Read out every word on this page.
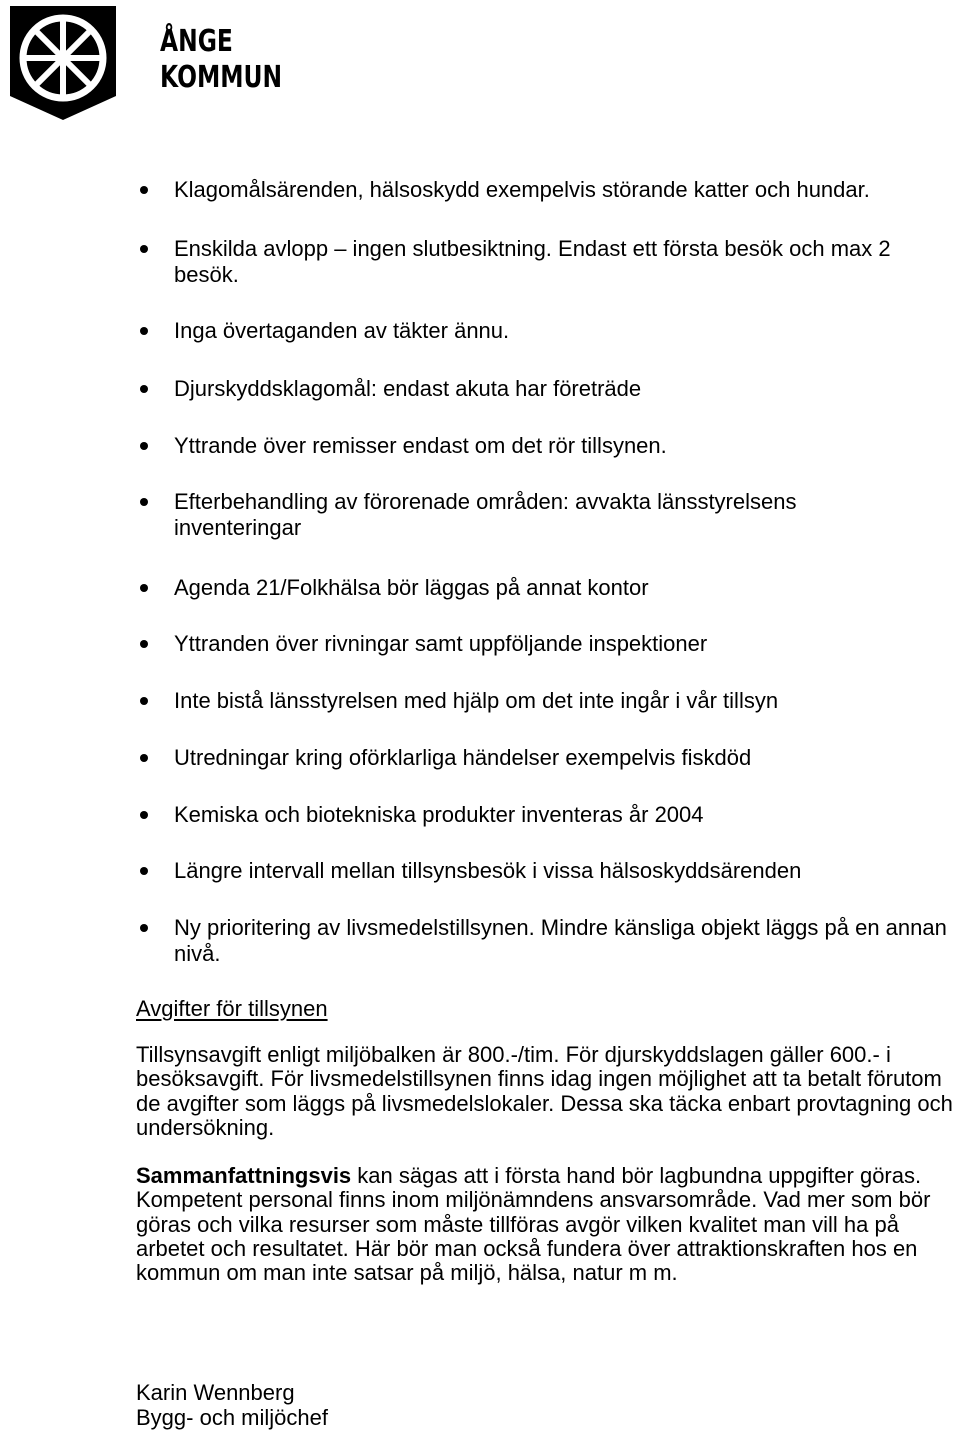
ÅNGE
KOMMUN
Klagomålsärenden, hälsoskydd exempelvis störande katter och hundar.
Enskilda avlopp – ingen slutbesiktning. Endast ett första besök och max 2 besök.
Inga övertaganden av täkter ännu.
Djurskyddsklagomål: endast akuta har företräde
Yttrande över remisser endast om det rör tillsynen.
Efterbehandling av förorenade områden: avvakta länsstyrelsens inventeringar
Agenda 21/Folkhälsa bör läggas på annat kontor
Yttranden över rivningar samt uppföljande inspektioner
Inte bistå länsstyrelsen med hjälp om det inte ingår i vår tillsyn
Utredningar kring oförklarliga händelser exempelvis fiskdöd
Kemiska och biotekniska produkter inventeras år 2004
Längre intervall mellan tillsynsbesök i vissa hälsoskyddsärenden
Ny prioritering av livsmedelstillsynen. Mindre känsliga objekt läggs på en annan nivå.
Avgifter för tillsynen

Tillsynsavgift enligt miljöbalken är 800.-/tim. För djurskyddslagen gäller 600.- i besöksavgift. För livsmedelstillsynen finns idag ingen möjlighet att ta betalt förutom de avgifter som läggs på livsmedelslokaler. Dessa ska täcka enbart provtagning och undersökning.

Sammanfattningsvis kan sägas att i första hand bör lagbundna uppgifter göras. Kompetent personal finns inom miljönämndens ansvarsområde. Vad mer som bör göras och vilka resurser som måste tillföras avgör vilken kvalitet man vill ha på arbetet och resultatet. Här bör man också fundera över attraktionskraften hos en kommun om man inte satsar på miljö, hälsa, natur m m.

Karin Wennberg
Bygg- och miljöchef
